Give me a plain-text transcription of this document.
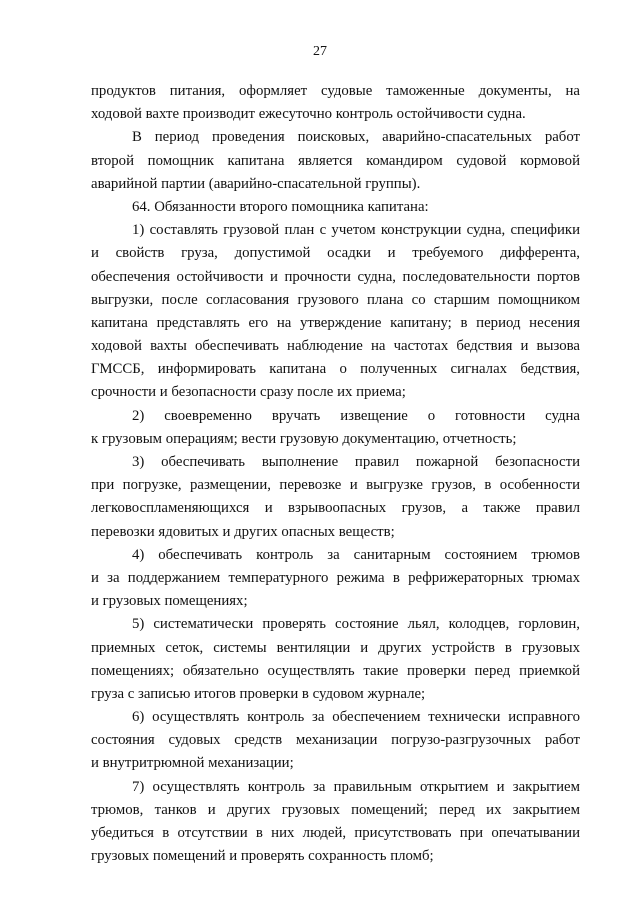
27
продуктов питания, оформляет судовые таможенные документы, на
ходовой вахте производит ежесуточно контроль остойчивости судна.
В период проведения поисковых, аварийно-спасательных работ
второй помощник капитана является командиром судовой кормовой
аварийной партии (аварийно-спасательной группы).
64. Обязанности второго помощника капитана:
1) составлять грузовой план с учетом конструкции судна, специфики
и свойств груза, допустимой осадки и требуемого дифферента,
обеспечения остойчивости и прочности судна, последовательности портов
выгрузки, после согласования грузового плана со старшим помощником
капитана представлять его на утверждение капитану; в период несения
ходовой вахты обеспечивать наблюдение на частотах бедствия и вызова
ГМССБ, информировать капитана о полученных сигналах бедствия,
срочности и безопасности сразу после их приема;
2) своевременно вручать извещение о готовности судна
к грузовым операциям; вести грузовую документацию, отчетность;
3) обеспечивать выполнение правил пожарной безопасности
при погрузке, размещении, перевозке и выгрузке грузов, в особенности
легковоспламеняющихся и взрывоопасных грузов, а также правил
перевозки ядовитых и других опасных веществ;
4) обеспечивать контроль за санитарным состоянием трюмов
и за поддержанием температурного режима в рефрижераторных трюмах
и грузовых помещениях;
5) систематически проверять состояние льял, колодцев, горловин,
приемных сеток, системы вентиляции и других устройств в грузовых
помещениях; обязательно осуществлять такие проверки перед приемкой
груза с записью итогов проверки в судовом журнале;
6) осуществлять контроль за обеспечением технически исправного
состояния судовых средств механизации погрузо-разгрузочных работ
и внутритрюмной механизации;
7) осуществлять контроль за правильным открытием и закрытием
трюмов, танков и других грузовых помещений; перед их закрытием
убедиться в отсутствии в них людей, присутствовать при опечатывании
грузовых помещений и проверять сохранность пломб;
